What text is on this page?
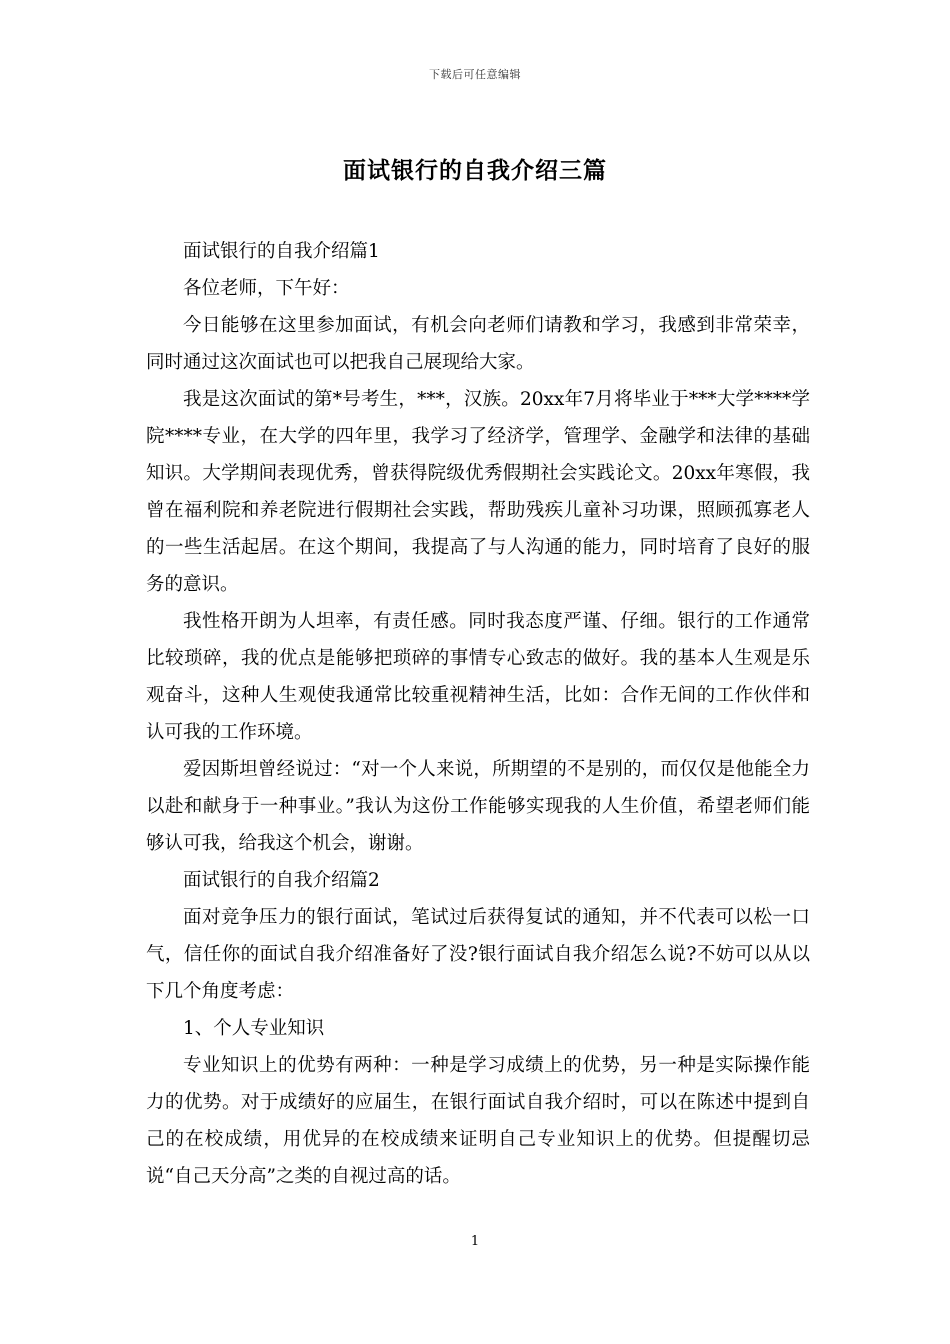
下载后可任意编辑
面试银行的自我介绍三篇

面试银行的自我介绍篇1

各位老师，下午好：

今日能够在这里参加面试，有机会向老师们请教和学习，我感到非常荣幸，同时通过这次面试也可以把我自己展现给大家。

我是这次面试的第*号考生，***，汉族。20xx年7月将毕业于***大学****学院****专业，在大学的四年里，我学习了经济学，管理学、金融学和法律的基础知识。大学期间表现优秀，曾获得院级优秀假期社会实践论文。20xx年寒假，我曾在福利院和养老院进行假期社会实践，帮助残疾儿童补习功课，照顾孤寡老人的一些生活起居。在这个期间，我提高了与人沟通的能力，同时培育了良好的服务的意识。

我性格开朗为人坦率，有责任感。同时我态度严谨、仔细。银行的工作通常比较琐碎，我的优点是能够把琐碎的事情专心致志的做好。我的基本人生观是乐观奋斗，这种人生观使我通常比较重视精神生活，比如：合作无间的工作伙伴和认可我的工作环境。

爱因斯坦曾经说过：“对一个人来说，所期望的不是别的，而仅仅是他能全力以赴和献身于一种事业。”我认为这份工作能够实现我的人生价值，希望老师们能够认可我，给我这个机会，谢谢。

面试银行的自我介绍篇2

面对竞争压力的银行面试，笔试过后获得复试的通知，并不代表可以松一口气，信任你的面试自我介绍准备好了没?银行面试自我介绍怎么说?不妨可以从以下几个角度考虑：

1、个人专业知识

专业知识上的优势有两种：一种是学习成绩上的优势，另一种是实际操作能力的优势。对于成绩好的应届生，在银行面试自我介绍时，可以在陈述中提到自己的在校成绩，用优异的在校成绩来证明自己专业知识上的优势。但提醒切忌说“自己天分高”之类的自视过高的话。

1
